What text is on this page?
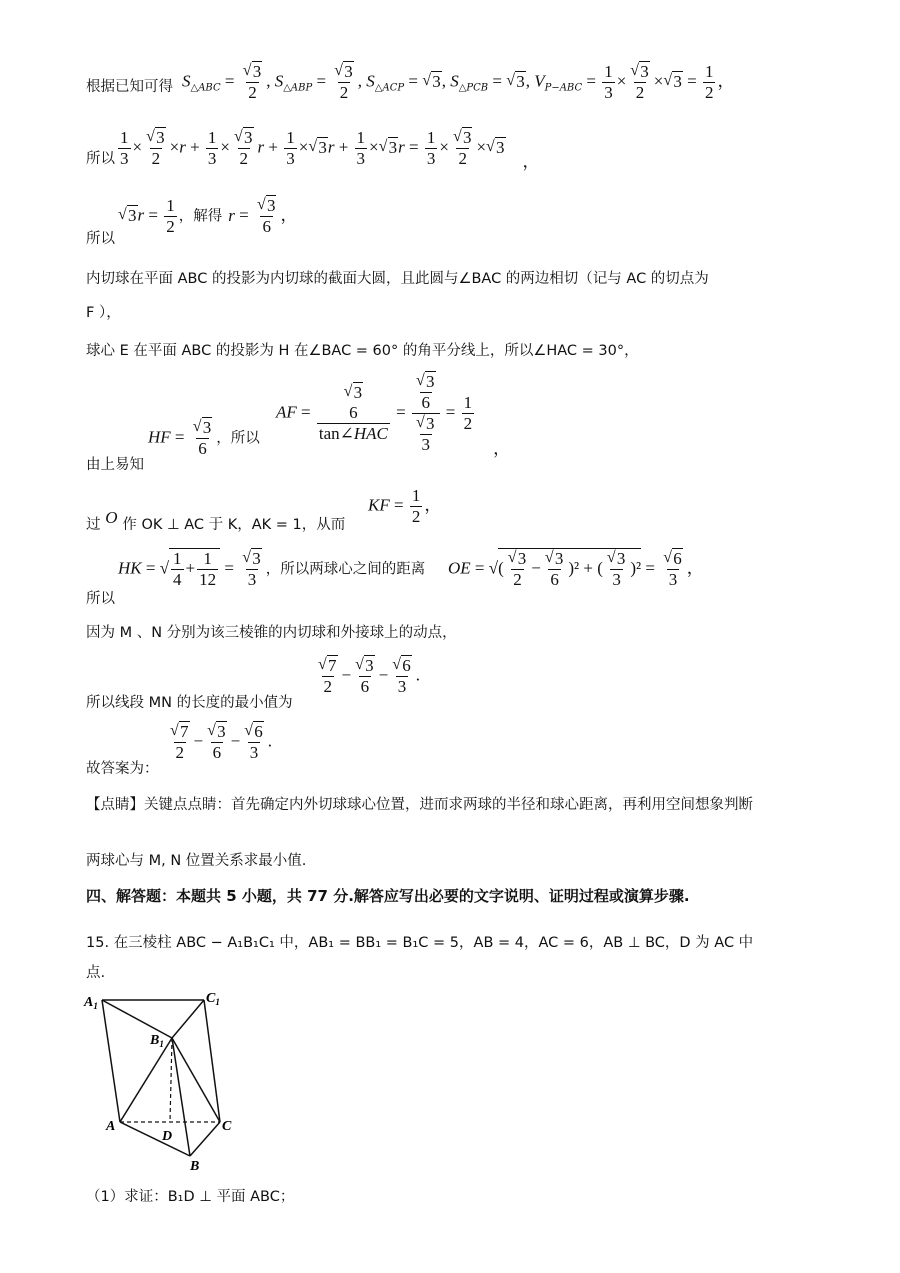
根据已知可得 $S_{\triangle ABC}$ = √ $\frac{3}{2}$ , $S_{\triangle ABP}$ = √ $\frac{3}{2}$ , $S_{\triangle ACP}$ = √ 3, $S_{\triangle PCB}$ = √ 3, $V_{P-ABC} = \frac{1}{3}$ × √ $\frac{3}{2}$ × √ $3 = \frac{1}{2}$ ，
所以 $\frac{1}{3}$ × √ $\frac{3}{2} \times r + \frac{1}{3}$ × √ $\frac{3}{2}$ $r + \frac{1}{3}$ × √ $3r + \frac{1}{3}$ × √ $3r = \frac{1}{3}$ × √ $\frac{3}{2}$ × √ 3　，
所以
√ $3r = \frac{1}{2}$ ，解得 r = √ $\frac{3}{6}$ ，
内切球在平面 ABC 的投影为内切球的截面大圆，且此圆与∠BAC 的两边相切（记与 AC 的切点为
F ），
球心 E 在平面 ABC 的投影为 H 在∠BAC = 60° 的角平分线上，所以∠HAC = 30°，
由上易知
HF = √ $\frac{3}{6}$ ，所以
AF = √ 3
6
tan∠HAC = √ $\frac{3}{6}$
√ $\frac{3}{3} = \frac{1}{2}$
　，
过 O 作 OK ⊥ AC 于 K，AK = 1，从而
KF = $\frac{1}{2}$ ，
所以
HK = √ $\frac{1}{4} + \frac{1}{12}$ = √ $\frac{3}{3}$ ，所以两球心之间的距离 OE = √( √ $\frac{3}{2}$ − √ $\frac{3}{6} )^2$ + ( √ $\frac{3}{3} )^2$ = √ $\frac{6}{3}$ ，
因为 M 、N 分别为该三棱锥的内切球和外接球上的动点，
所以线段 MN 的长度的最小值为
√ $\frac{7}{2}$ − √ $\frac{3}{6}$ − √ $\frac{6}{3}$ .
故答案为：
√ $\frac{7}{2}$ − √ $\frac{3}{6}$ − √ $\frac{6}{3}$ .
【点睛】关键点点睛：首先确定内外切球球心位置，进而求两球的半径和球心距离，再利用空间想象判断
两球心与 M, N 位置关系求最小值.
四、解答题：本题共 5 小题，共 77 分.解答应写出必要的文字说明、证明过程或演算步骤.
15. 在三棱柱 ABC − A₁B₁C₁ 中，AB₁ = BB₁ = B₁C = 5，AB = 4，AC = 6，AB ⊥ BC，D 为 AC 中
点.
$A_1$	$C_1$
$B_1$
A
D
C
B
（1）求证：B₁D ⊥ 平面 ABC；
